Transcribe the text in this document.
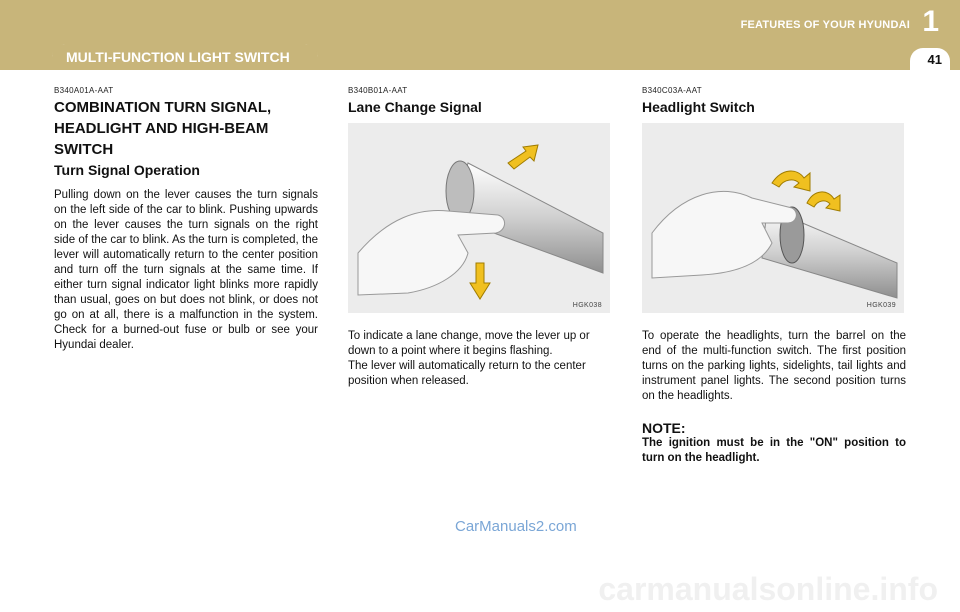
MULTI-FUNCTION LIGHT SWITCH
FEATURES OF YOUR HYUNDAI 1
41
B340A01A-AAT
COMBINATION TURN SIGNAL,
HEADLIGHT AND HIGH-BEAM
SWITCH
Turn Signal Operation
Pulling down on the lever causes the turn signals on the left side of the car to blink. Pushing upwards on the lever causes the turn signals on the right side of the car to blink. As the turn is completed, the lever will automatically return to the center position and turn off the turn signals at the same time. If either turn signal indicator light blinks more rapidly than usual, goes on but does not blink, or does not go on at all, there is a malfunction in the system. Check for a burned-out fuse or bulb or see your Hyundai dealer.
B340B01A-AAT
Lane Change Signal
HGK038
To indicate a lane change, move the lever up or down to a point where it begins flashing.
The lever will automatically return to the center position when released.
B340C03A-AAT
Headlight Switch
HGK039
To operate the headlights, turn the barrel on the end of the multi-function switch. The first position turns on the parking lights, sidelights, tail lights and instrument panel lights. The second position turns on the headlights.
NOTE:
The ignition must be in the "ON" position to turn on the headlight.
CarManuals2.com
carmanualsonline.info
